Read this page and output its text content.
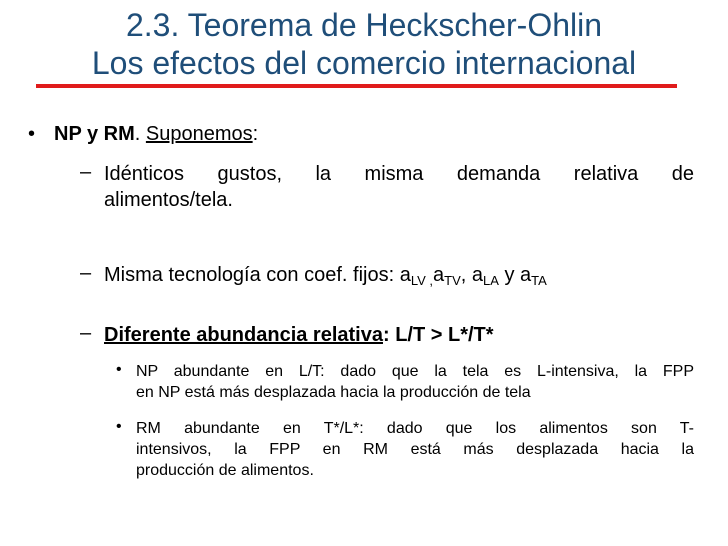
2.3. Teorema de Heckscher-Ohlin
Los efectos del comercio internacional
• NP y RM. Suponemos:
– Idénticos gustos, la misma demanda relativa de
alimentos/tela.
– Misma tecnología con coef. fijos: $a_{LV}$ $_,a_{TV}$, $a_{LA}$ y $a_{TA}$
– Diferente abundancia relativa: L/T > L*/T*
• NP abundante en L/T: dado que la tela es L-intensiva, la FPP
en NP está más desplazada hacia la producción de tela
• RM abundante en T*/L*: dado que los alimentos son T-
intensivos, la FPP en RM está más desplazada hacia la
producción de alimentos.
